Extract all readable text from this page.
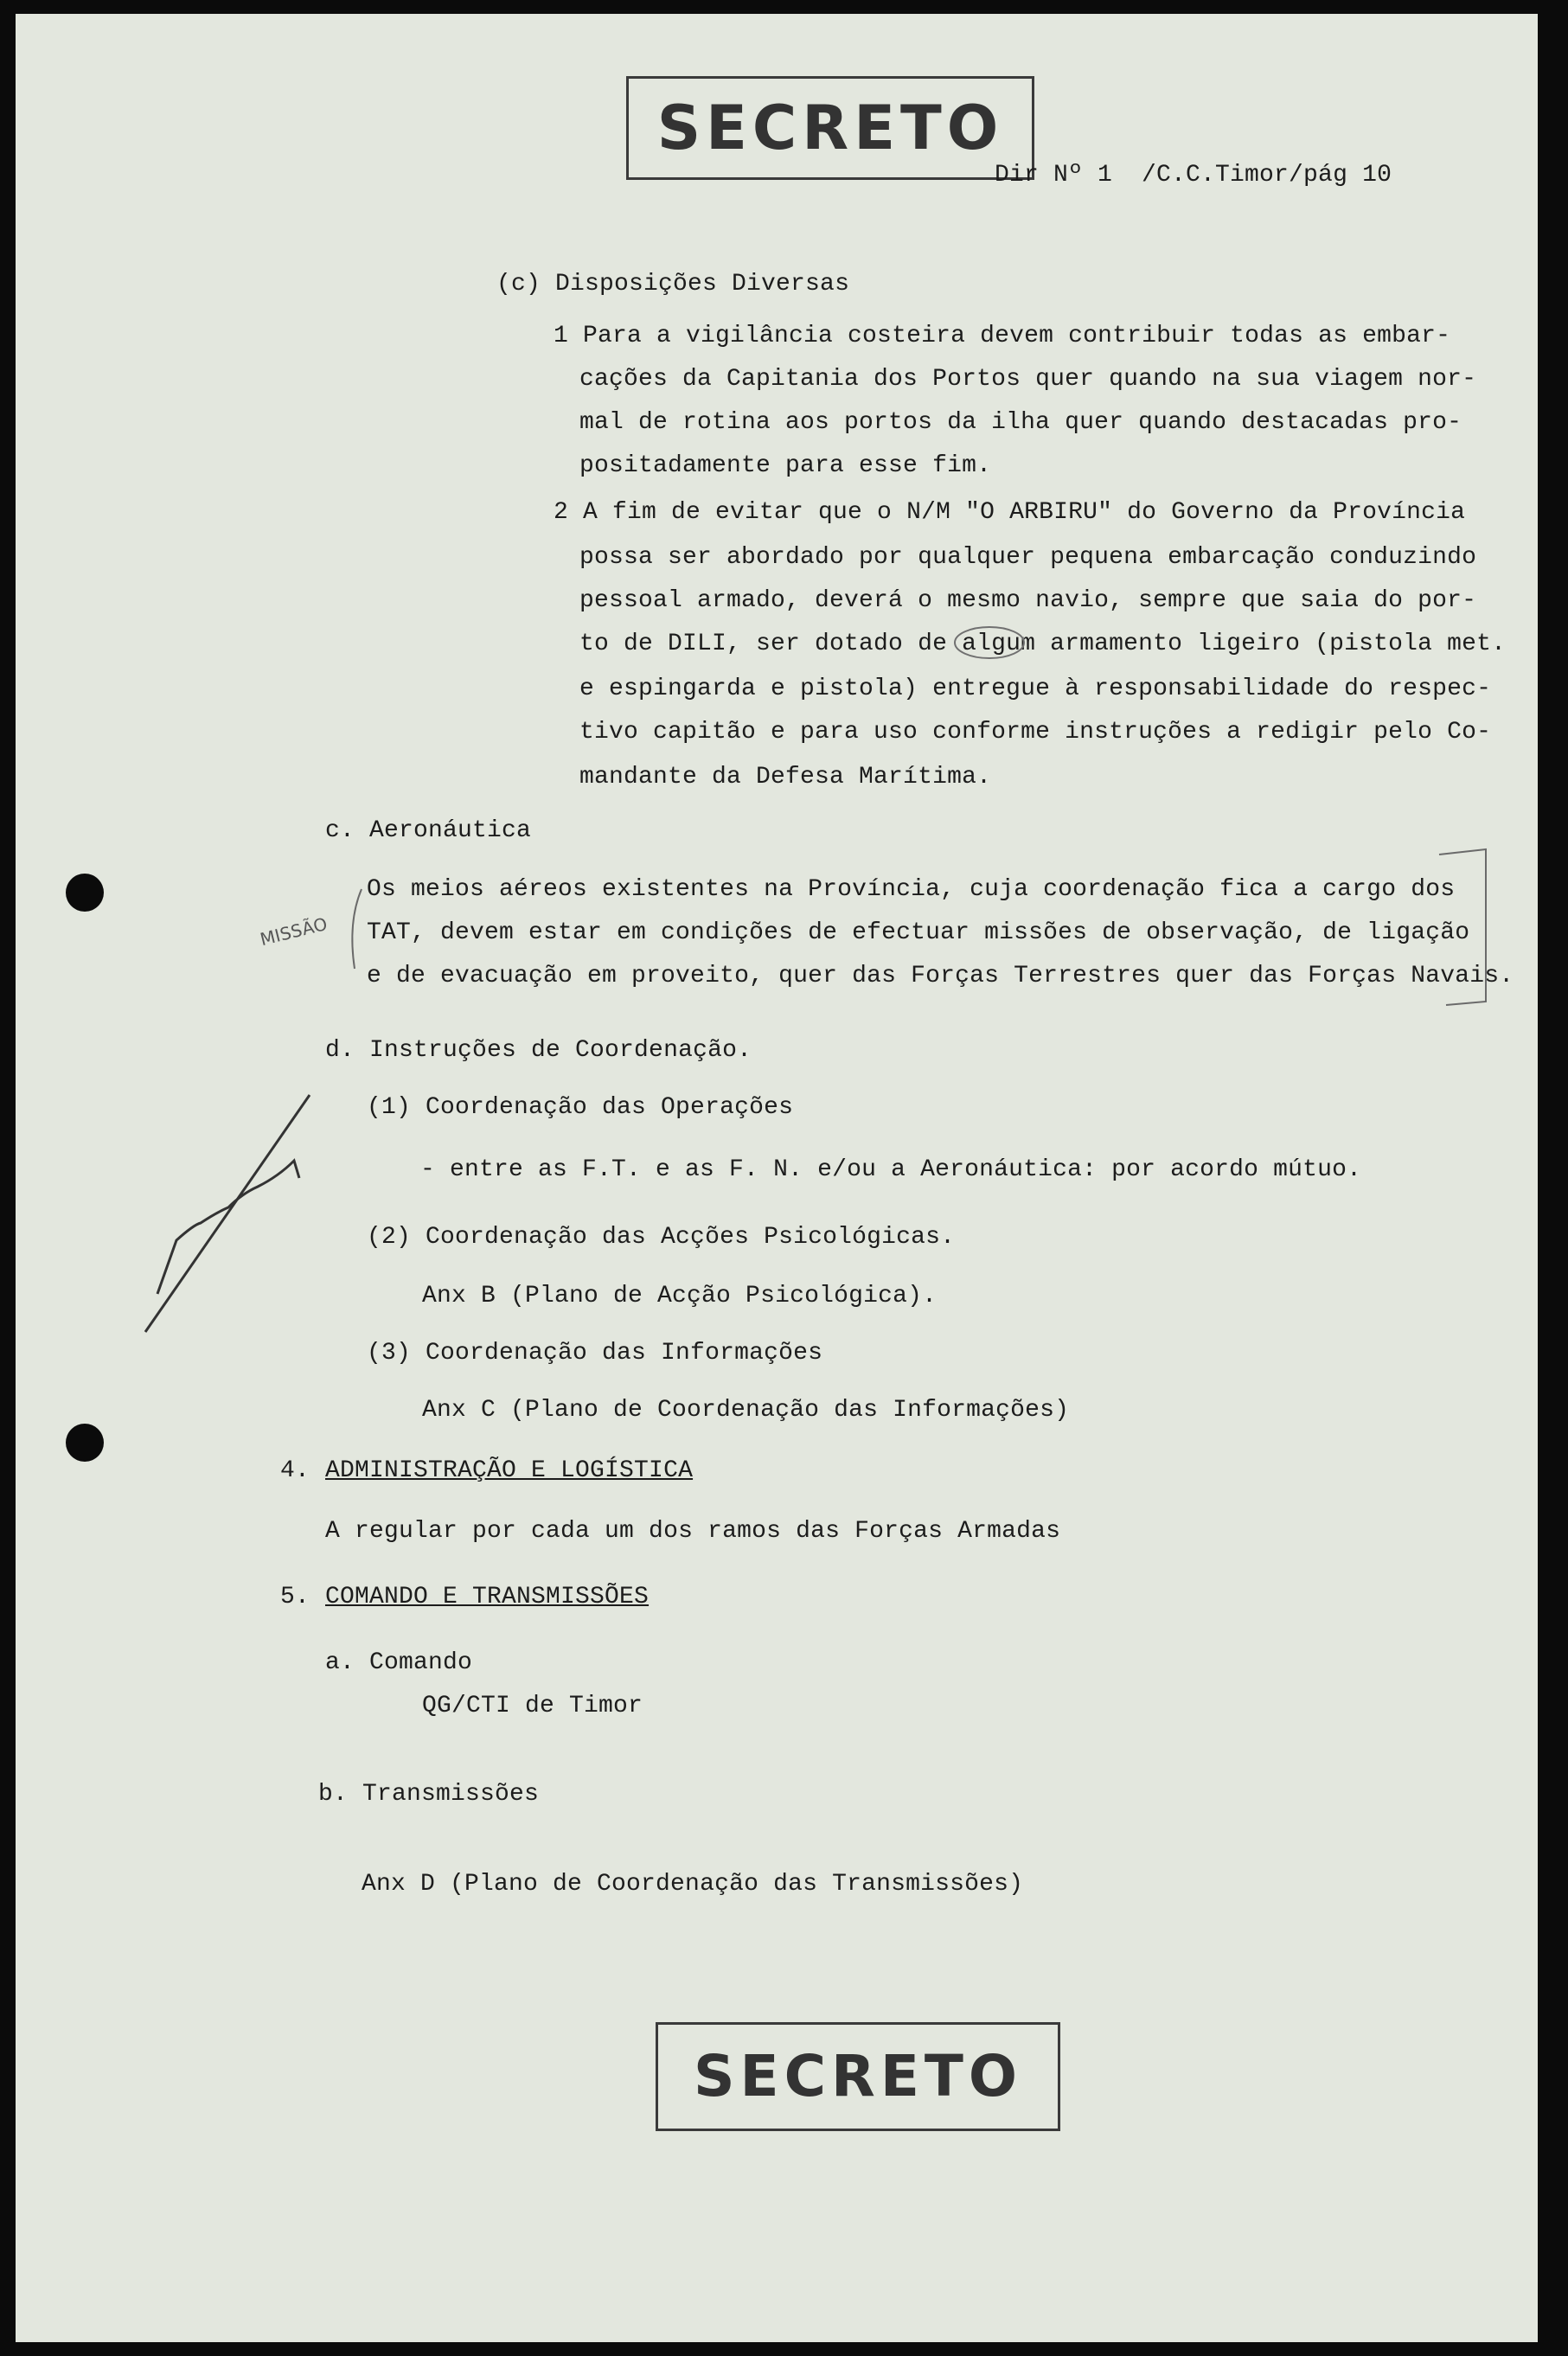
SECRETO
Dir Nº 1  /C.C.Timor/pág 10
(c) Disposições Diversas
1 Para a vigilância costeira devem contribuir todas as embar-
cações da Capitania dos Portos quer quando na sua viagem nor-
mal de rotina aos portos da ilha quer quando destacadas pro-
positadamente para esse fim.
2 A fim de evitar que o N/M "O ARBIRU" do Governo da Província
possa ser abordado por qualquer pequena embarcação conduzindo
pessoal armado, deverá o mesmo navio, sempre que saia do por-
to de DILI, ser dotado de algum armamento ligeiro (pistola met.
e espingarda e pistola) entregue à responsabilidade do respec-
tivo capitão e para uso conforme instruções a redigir pelo Co-
mandante da Defesa Marítima.
c. Aeronáutica
Os meios aéreos existentes na Província, cuja coordenação fica a cargo dos
TAT, devem estar em condições de efectuar missões de observação, de ligação
e de evacuação em proveito, quer das Forças Terrestres quer das Forças Navais.
MISSÃO
d. Instruções de Coordenação.
(1) Coordenação das Operações
- entre as F.T. e as F. N. e/ou a Aeronáutica: por acordo mútuo.
(2) Coordenação das Acções Psicológicas.
Anx B (Plano de Acção Psicológica).
(3) Coordenação das Informações
Anx C (Plano de Coordenação das Informações)
4. ADMINISTRAÇÃO E LOGÍSTICA
A regular por cada um dos ramos das Forças Armadas
5. COMANDO E TRANSMISSÕES
a. Comando
QG/CTI de Timor
b. Transmissões
Anx D (Plano de Coordenação das Transmissões)
SECRETO
